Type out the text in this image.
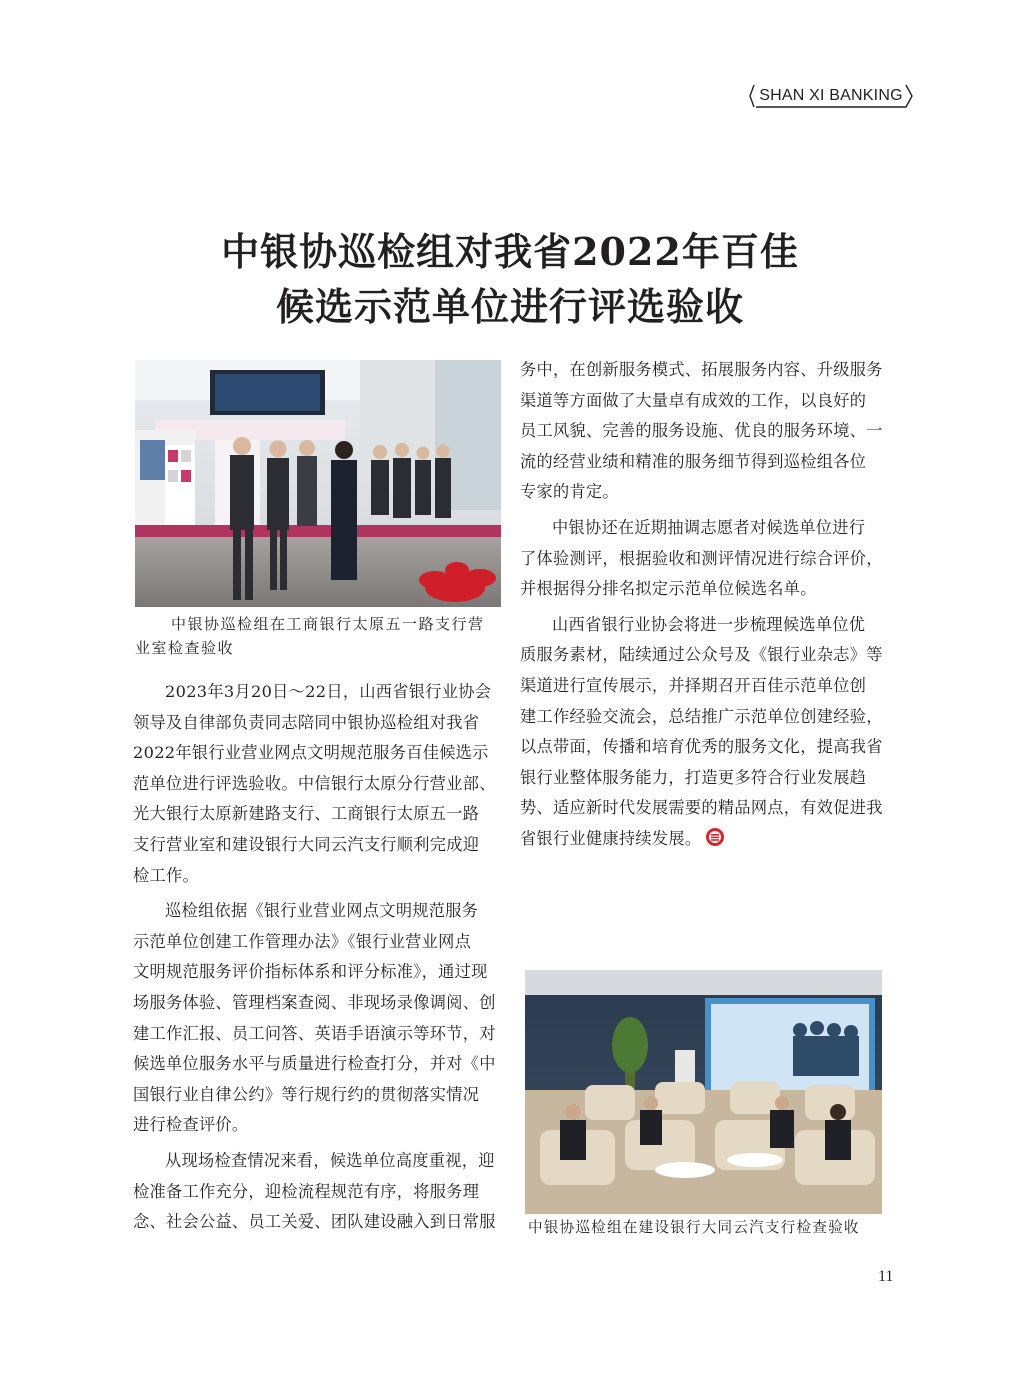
SHAN XI BANKING
中银协巡检组对我省2022年百佳
候选示范单位进行评选验收
中银协巡检组在工商银行太原五一路支行营
业室检查验收
2023年3月20日～22日，山西省银行业协会
领导及自律部负责同志陪同中银协巡检组对我省
2022年银行业营业网点文明规范服务百佳候选示
范单位进行评选验收。中信银行太原分行营业部、
光大银行太原新建路支行、工商银行太原五一路
支行营业室和建设银行大同云汽支行顺利完成迎
检工作。
巡检组依据《银行业营业网点文明规范服务
示范单位创建工作管理办法》《银行业营业网点
文明规范服务评价指标体系和评分标准》，通过现
场服务体验、管理档案查阅、非现场录像调阅、创
建工作汇报、员工问答、英语手语演示等环节，对
候选单位服务水平与质量进行检查打分，并对《中
国银行业自律公约》等行规行约的贯彻落实情况
进行检查评价。
从现场检查情况来看，候选单位高度重视，迎
检准备工作充分，迎检流程规范有序，将服务理
念、社会公益、员工关爱、团队建设融入到日常服
务中，在创新服务模式、拓展服务内容、升级服务
渠道等方面做了大量卓有成效的工作，以良好的
员工风貌、完善的服务设施、优良的服务环境、一
流的经营业绩和精准的服务细节得到巡检组各位
专家的肯定。
中银协还在近期抽调志愿者对候选单位进行
了体验测评，根据验收和测评情况进行综合评价，
并根据得分排名拟定示范单位候选名单。
山西省银行业协会将进一步梳理候选单位优
质服务素材，陆续通过公众号及《银行业杂志》等
渠道进行宣传展示，并择期召开百佳示范单位创
建工作经验交流会，总结推广示范单位创建经验，
以点带面，传播和培育优秀的服务文化，提高我省
银行业整体服务能力，打造更多符合行业发展趋
势、适应新时代发展需要的精品网点，有效促进我
省银行业健康持续发展。
中银协巡检组在建设银行大同云汽支行检查验收
11
